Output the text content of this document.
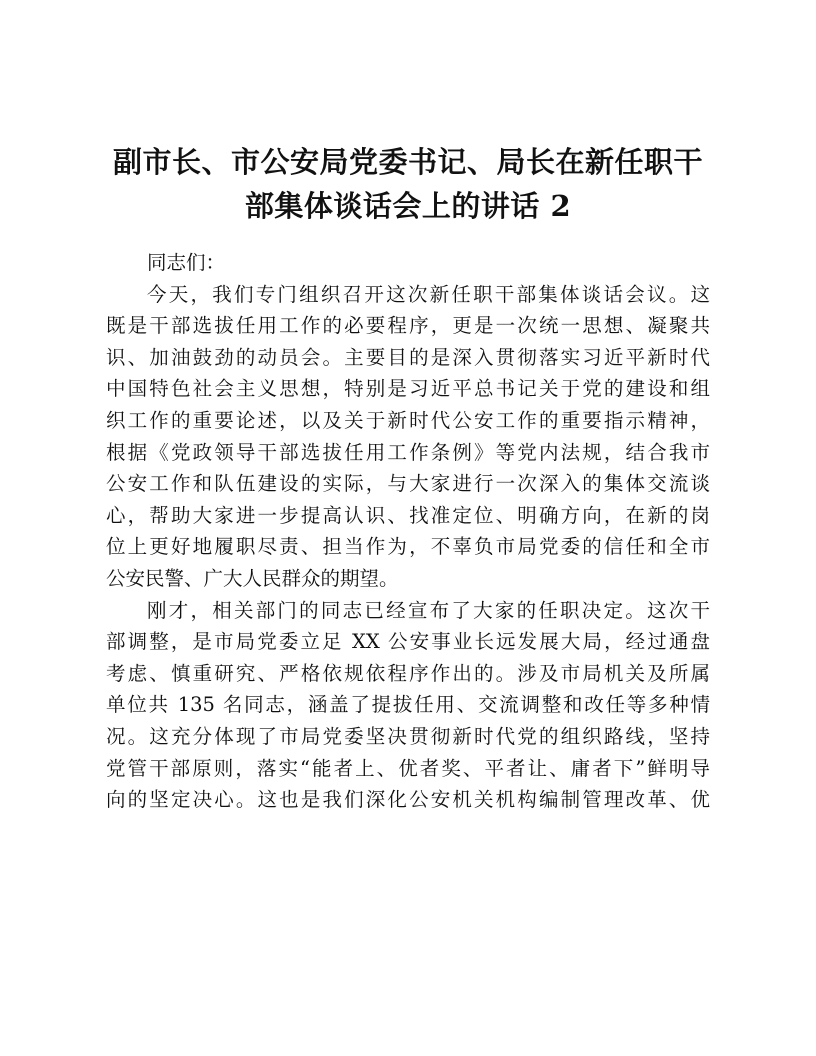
副市长、市公安局党委书记、局长在新任职干
部集体谈话会上的讲话 2
同志们：
今天，我们专门组织召开这次新任职干部集体谈话会议。这
既是干部选拔任用工作的必要程序，更是一次统一思想、凝聚共
识、加油鼓劲的动员会。主要目的是深入贯彻落实习近平新时代
中国特色社会主义思想，特别是习近平总书记关于党的建设和组
织工作的重要论述，以及关于新时代公安工作的重要指示精神，
根据《党政领导干部选拔任用工作条例》等党内法规，结合我市
公安工作和队伍建设的实际，与大家进行一次深入的集体交流谈
心，帮助大家进一步提高认识、找准定位、明确方向，在新的岗
位上更好地履职尽责、担当作为，不辜负市局党委的信任和全市
公安民警、广大人民群众的期望。
刚才，相关部门的同志已经宣布了大家的任职决定。这次干
部调整，是市局党委立足 XX 公安事业长远发展大局，经过通盘
考虑、慎重研究、严格依规依程序作出的。涉及市局机关及所属
单位共 135 名同志，涵盖了提拔任用、交流调整和改任等多种情
况。这充分体现了市局党委坚决贯彻新时代党的组织路线，坚持
党管干部原则，落实“能者上、优者奖、平者让、庸者下”鲜明导
向的坚定决心。这也是我们深化公安机关机构编制管理改革、优
